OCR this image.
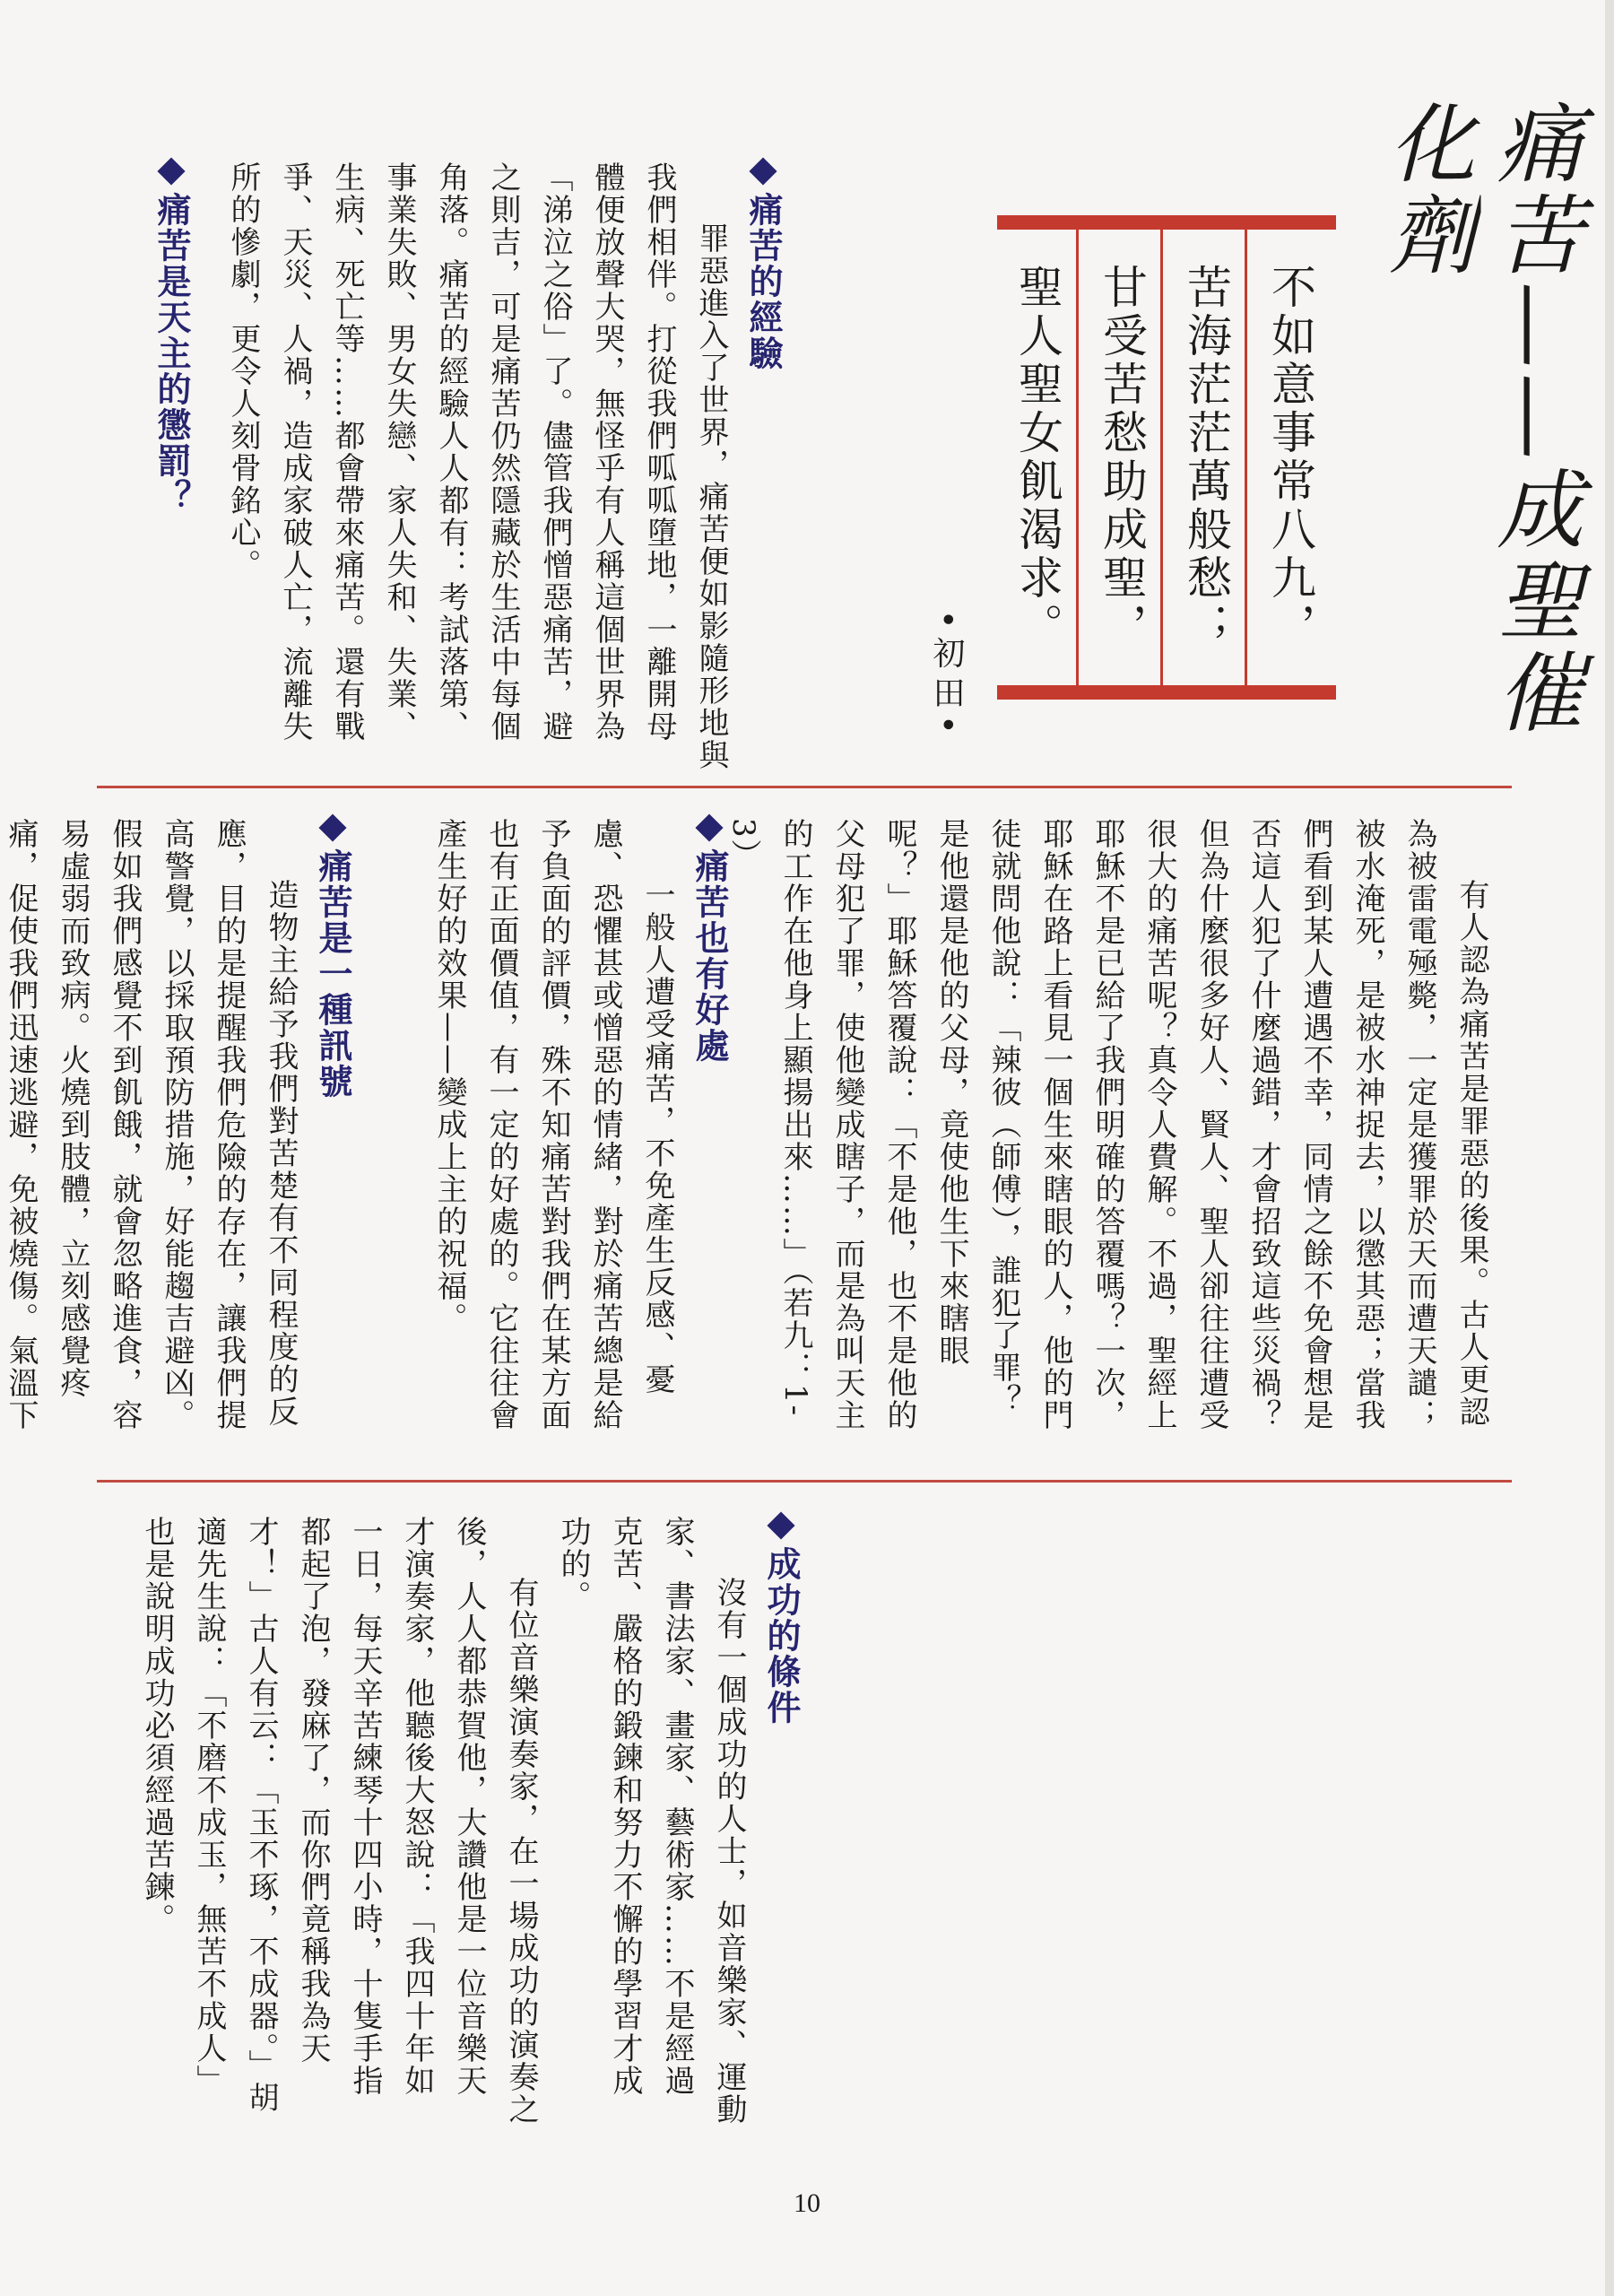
痛苦——成聖催化劑
不如意事常八九，
苦海茫茫萬般愁；
甘受苦愁助成聖，
聖人聖女飢渴求。
•初田•
痛苦的經驗

罪惡進入了世界，痛苦便如影隨形地與我們相伴。打從我們呱呱墮地，一離開母體便放聲大哭，無怪乎有人稱這個世界為「涕泣之俗」了。儘管我們憎惡痛苦，避之則吉，可是痛苦仍然隱藏於生活中每個角落。痛苦的經驗人人都有：考試落第、事業失敗、男女失戀、家人失和、失業、生病、死亡等……都會帶來痛苦。還有戰爭、天災、人禍，造成家破人亡，流離失所的慘劇，更令人刻骨銘心。

痛苦是天主的懲罰？

有人認為痛苦是罪惡的後果。古人更認為被雷電殛斃，一定是獲罪於天而遭天譴；被水淹死，是被水神捉去，以懲其惡；當我們看到某人遭遇不幸，同情之餘不免會想是否這人犯了什麼過錯，才會招致這些災禍？但為什麼很多好人、賢人、聖人卻往往遭受很大的痛苦呢？真令人費解。不過，聖經上耶穌不是已給了我們明確的答覆嗎？一次，耶穌在路上看見一個生來瞎眼的人，他的門徒就問他說：「辣彼（師傅），誰犯了罪？是他還是他的父母，竟使他生下來瞎眼呢？」耶穌答覆說：「不是他，也不是他的父母犯了罪，使他變成瞎子，而是為叫天主的工作在他身上顯揚出來……」（若九：1-3）

痛苦也有好處

一般人遭受痛苦，不免產生反感、憂慮、恐懼甚或憎惡的情緒，對於痛苦總是給予負面的評價，殊不知痛苦對我們在某方面也有正面價值，有一定的好處的。它往往會產生好的效果——變成上主的祝福。

痛苦是一種訊號

造物主給予我們對苦楚有不同程度的反應，目的是提醒我們危險的存在，讓我們提高警覺，以採取預防措施，好能趨吉避凶。假如我們感覺不到飢餓，就會忽略進食，容易虛弱而致病。火燒到肢體，立刻感覺疼痛，促使我們迅速逃避，免被燒傷。氣溫下

成功的條件

沒有一個成功的人士，如音樂家、運動家、書法家、畫家、藝術家……不是經過克苦、嚴格的鍛鍊和努力不懈的學習才成功的。

有位音樂演奏家，在一場成功的演奏之後，人人都恭賀他，大讚他是一位音樂天才演奏家，他聽後大怒說：「我四十年如一日，每天辛苦練琴十四小時，十隻手指都起了泡，發麻了，而你們竟稱我為天才！」古人有云：「玉不琢，不成器。」胡適先生說：「不磨不成玉，無苦不成人」也是說明成功必須經過苦鍊。

10
